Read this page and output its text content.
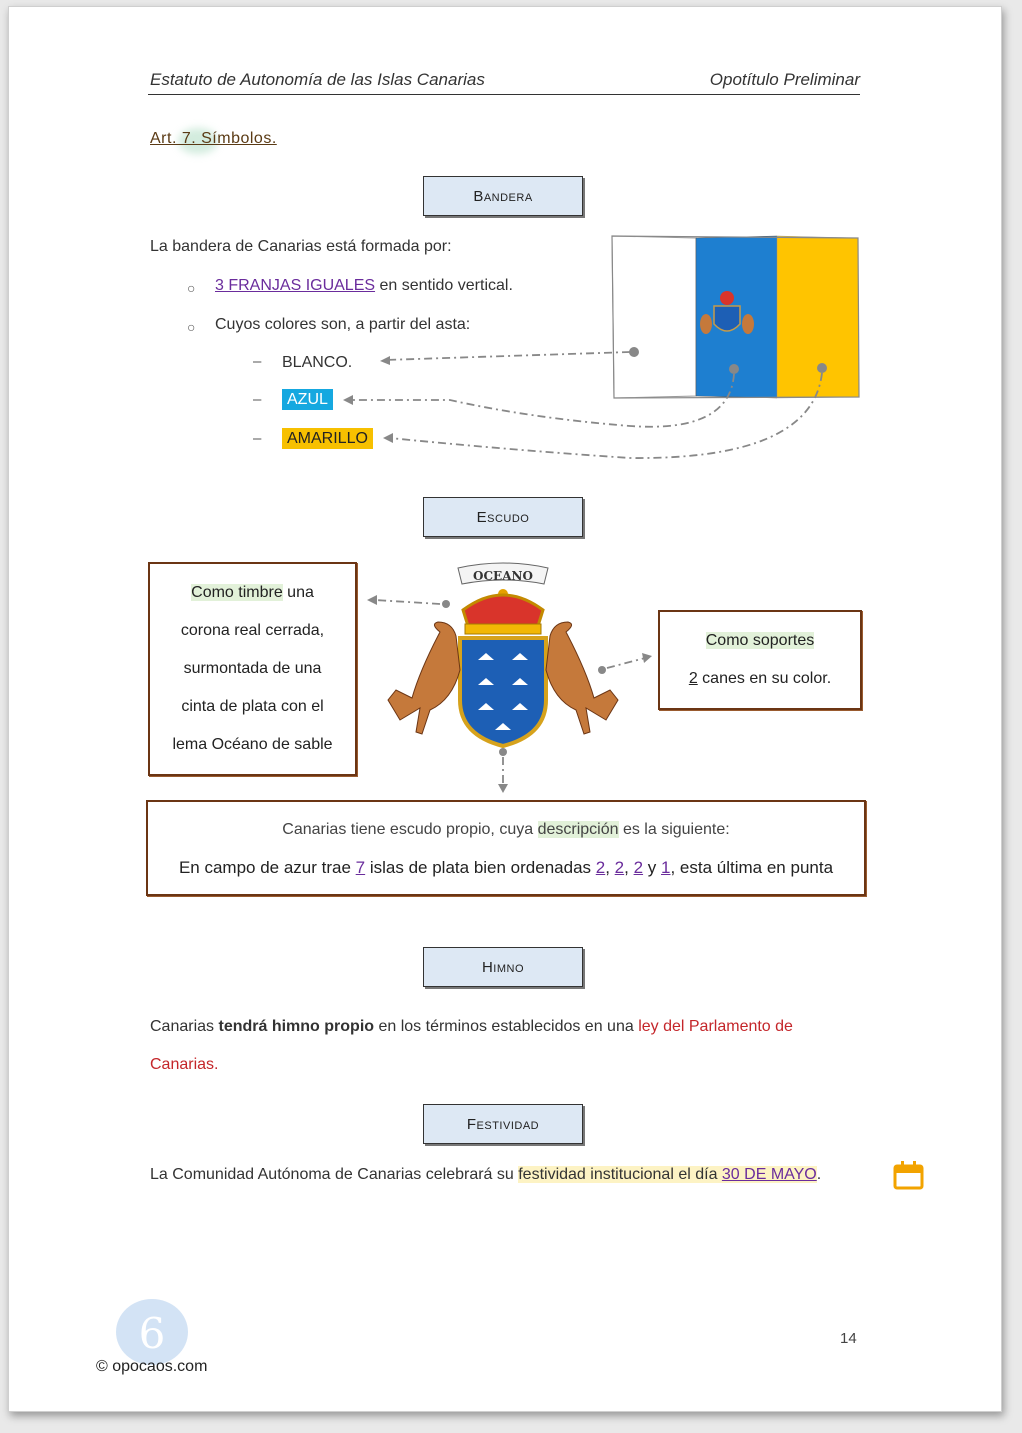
Estatuto de Autonomía de las Islas Canarias	Opotítulo Preliminar
Art. 7. Símbolos.
Bandera
La bandera de Canarias está formada por:
○ 3 FRANJAS IGUALES en sentido vertical.
○ Cuyos colores son, a partir del asta:
– BLANCO.
–	AZUL
–	AMARILLO
Escudo
Como timbre una
corona real cerrada,
surmontada de una
cinta de plata con el
lema Océano de sable
Como soportes
2 canes en su color.
OCEANO
Canarias tiene escudo propio, cuya descripción es la siguiente:
En campo de azur trae 7 islas de plata bien ordenadas 2, 2, 2 y 1, esta última en punta
Himno
Canarias tendrá himno propio en los términos establecidos en una ley del Parlamento de
Canarias.
Festividad
La Comunidad Autónoma de Canarias celebrará su festividad institucional el día 30 DE MAYO.
14
6
© opocaos.com
